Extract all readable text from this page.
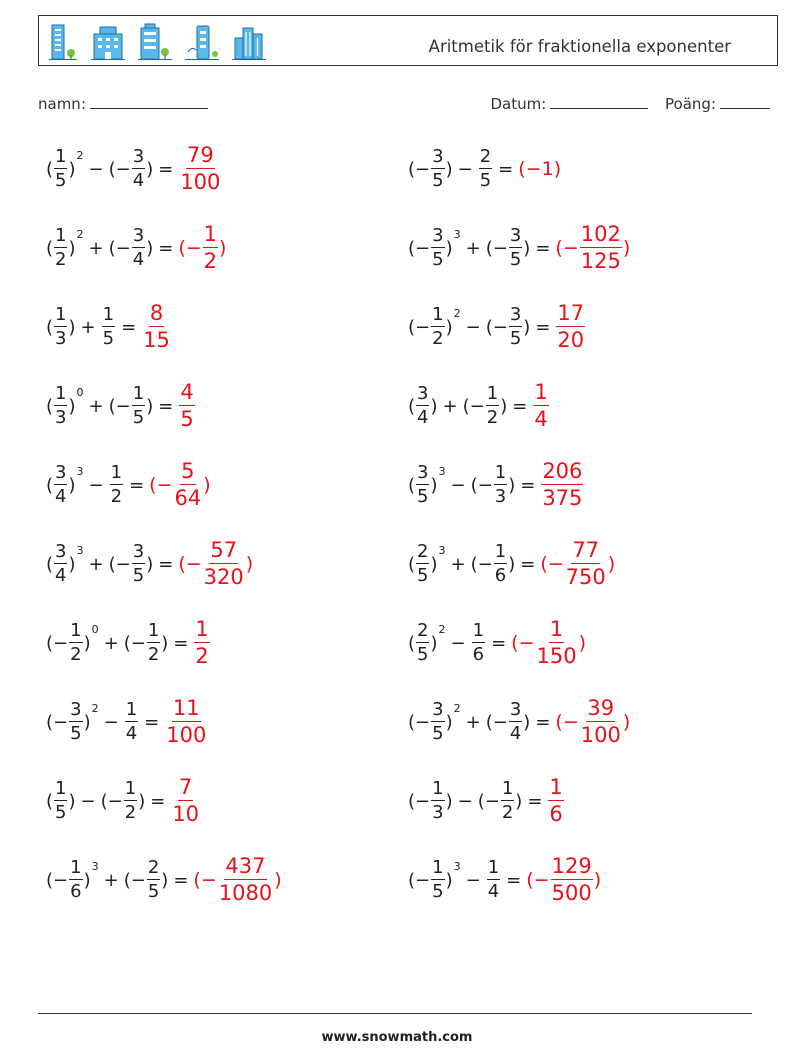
Aritmetik för fraktionella exponenter
namn:	Datum:	Poäng:
( $\frac{1}{5}$ )
2
− ( − $\frac{3}{4}$ ) = $\frac{79}{100}$	( − $\frac{3}{5}$ ) − $\frac{2}{5}$ = ( − 1 )
( $\frac{1}{2}$ )
2
+ ( − $\frac{3}{4}$ ) = ( − $\frac{1}{2}$ )	( − $\frac{3}{5}$ )
3
+ ( − $\frac{3}{5}$ ) = ( − $\frac{102}{125}$ )
( $\frac{1}{3}$ ) + $\frac{1}{5} = \frac{8}{15}$	( − $\frac{1}{2}$ )
2
− ( − $\frac{3}{5}$ ) = $\frac{17}{20}$
( $\frac{1}{3}$ )
0
+ ( − $\frac{1}{5}$ ) = $\frac{4}{5}$	( $\frac{3}{4}$ ) + ( − $\frac{1}{2}$ ) = $\frac{1}{4}$
( $\frac{3}{4}$ )
3
− $\frac{1}{2}$ = ( − $\frac{5}{64}$ )	( $\frac{3}{5}$ )
3
− ( − $\frac{1}{3}$ ) = $\frac{206}{375}$
( $\frac{3}{4}$ )
3
+ ( − $\frac{3}{5}$ ) = ( − $\frac{57}{320}$ )	( $\frac{2}{5}$ )
3
+ ( − $\frac{1}{6}$ ) = ( − $\frac{77}{750}$ )
( − $\frac{1}{2}$ )
0
+ ( − $\frac{1}{2}$ ) = $\frac{1}{2}$	( $\frac{2}{5}$ )
2
− $\frac{1}{6}$ = ( − $\frac{1}{150}$ )
( − $\frac{3}{5}$ )
2
− $\frac{1}{4} = \frac{11}{100}$	( − $\frac{3}{5}$ )
2
+ ( − $\frac{3}{4}$ ) = ( − $\frac{39}{100}$ )
( $\frac{1}{5}$ ) − ( − $\frac{1}{2}$ ) = $\frac{7}{10}$	( − $\frac{1}{3}$ ) − ( − $\frac{1}{2}$ ) = $\frac{1}{6}$
( − $\frac{1}{6}$ )
3
+ ( − $\frac{2}{5}$ ) = ( − $\frac{437}{1080}$ )	( − $\frac{1}{5}$ )
3
− $\frac{1}{4}$ = ( − $\frac{129}{500}$ )
www.snowmath.com
